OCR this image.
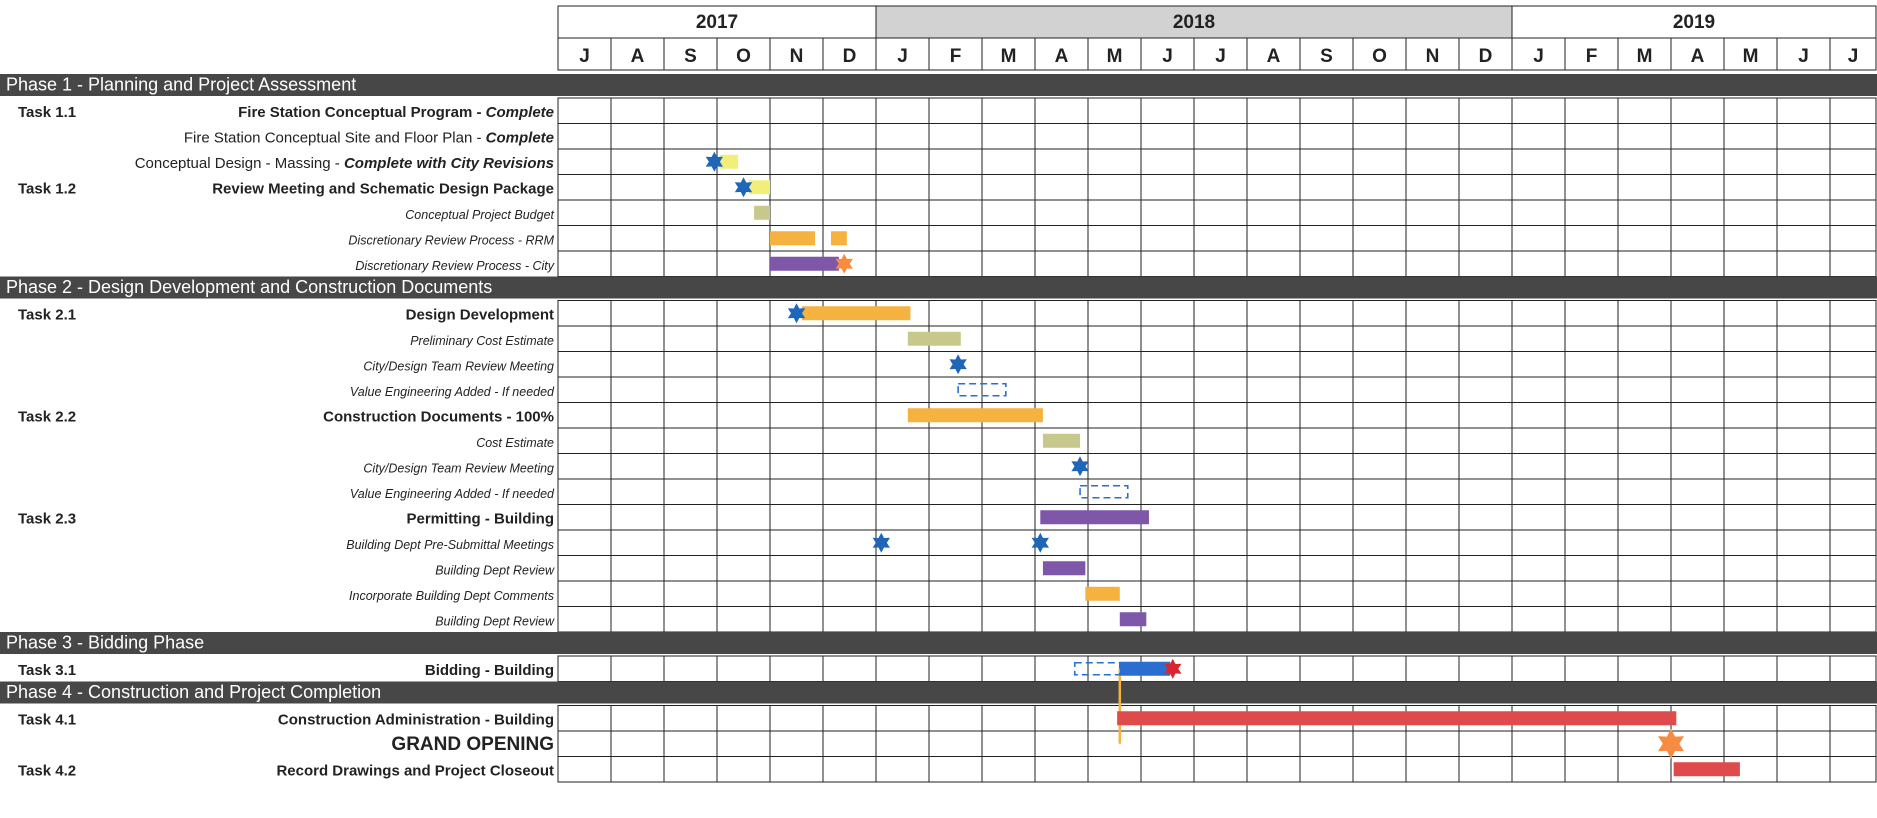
2017	2018	2019
J A S O N D J F M A M J J A S O N D J F M A M J J
Phase 1 - Planning and Project Assessment
Task 1.1	Fire Station Conceptual Program - Complete
Fire Station Conceptual Site and Floor Plan - Complete
Conceptual Design - Massing - Complete with City Revisions
Task 1.2	Review Meeting and Schematic Design Package
Conceptual Project Budget
Discretionary Review Process - RRM
Discretionary Review Process - City
Phase 2 - Design Development and Construction Documents
Task 2.1	Design Development
Preliminary Cost Estimate
City/Design Team Review Meeting
Value Engineering Added - If needed
Task 2.2	Construction Documents - 100%
Cost Estimate
City/Design Team Review Meeting
Value Engineering Added - If needed
Task 2.3	Permitting - Building
Building Dept Pre-Submittal Meetings
Building Dept Review
Incorporate Building Dept Comments
Building Dept Review
Phase 3 - Bidding Phase
Task 3.1	Bidding - Building
Phase 4 - Construction and Project Completion
Task 4.1	Construction Administration - Building
GRAND OPENING
Task 4.2	Record Drawings and Project Closeout
